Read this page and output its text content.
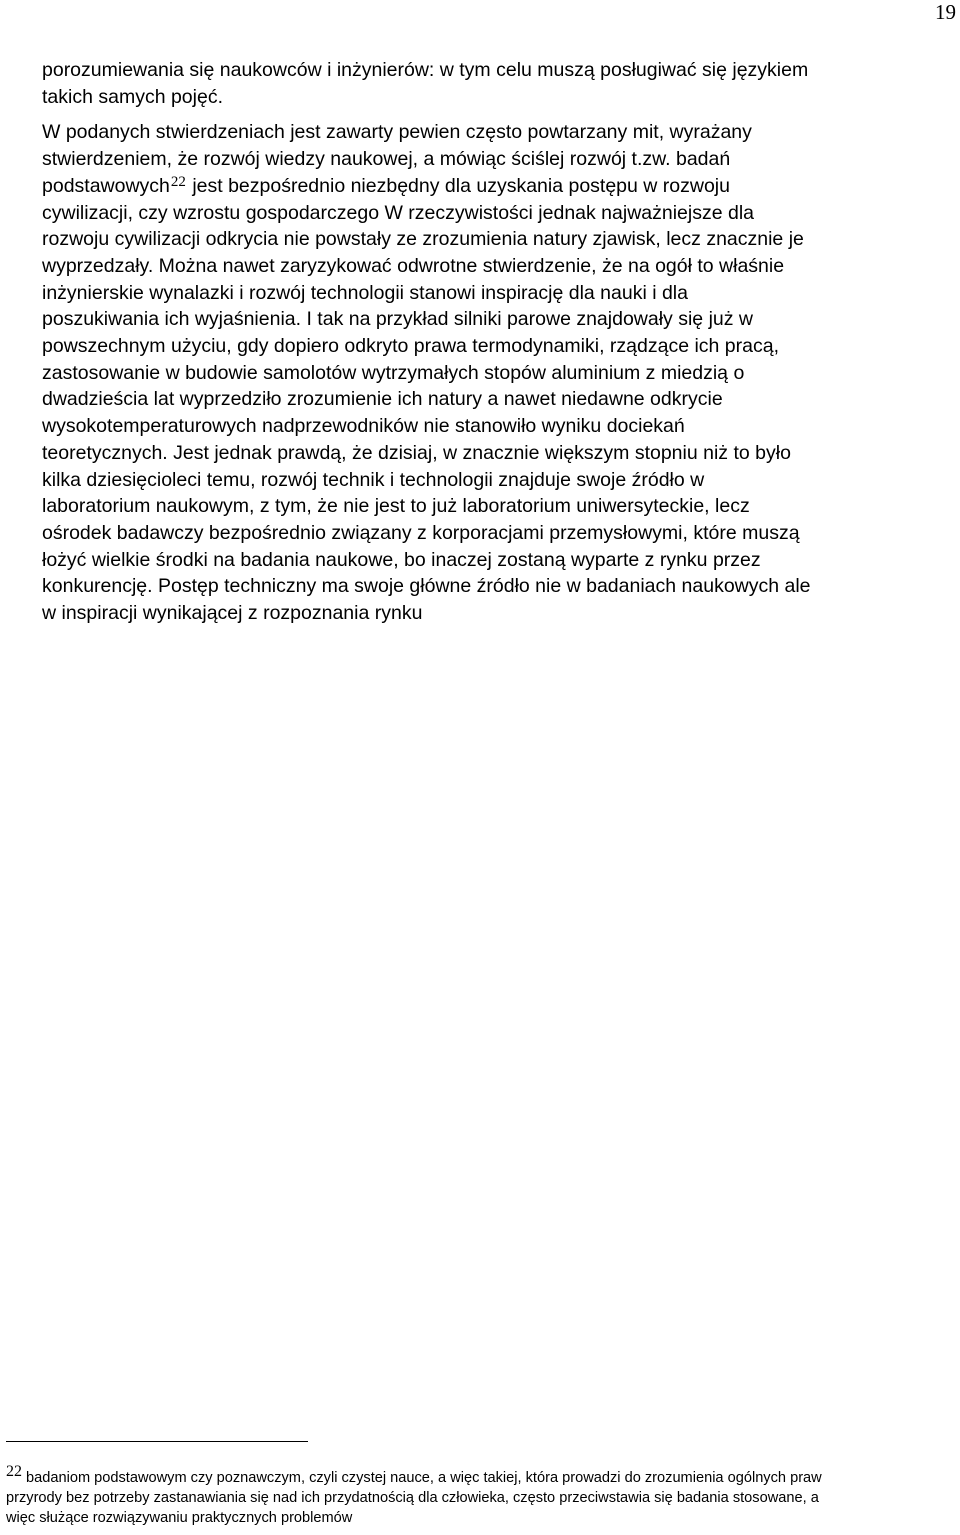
19
porozumiewania się naukowców i inżynierów: w tym celu muszą posługiwać się językiem
takich samych pojęć.
W podanych stwierdzeniach jest zawarty pewien często powtarzany mit, wyrażany
stwierdzeniem, że rozwój wiedzy naukowej, a mówiąc ściślej rozwój t.zw. badań
podstawowych$^{22}$ jest bezpośrednio niezbędny dla uzyskania postępu w rozwoju
cywilizacji, czy wzrostu gospodarczego W rzeczywistości jednak najważniejsze dla
rozwoju cywilizacji odkrycia nie powstały ze zrozumienia natury zjawisk, lecz znacznie je
wyprzedzały. Można nawet zaryzykować odwrotne stwierdzenie, że na ogół to właśnie
inżynierskie wynalazki i rozwój technologii stanowi inspirację dla nauki i dla
poszukiwania ich wyjaśnienia. I tak na przykład silniki parowe znajdowały się już w
powszechnym użyciu, gdy dopiero odkryto prawa termodynamiki, rządzące ich pracą,
zastosowanie w budowie samolotów wytrzymałych stopów aluminium z miedzią o
dwadzieścia lat wyprzedziło zrozumienie ich natury a nawet niedawne odkrycie
wysokotemperaturowych nadprzewodników nie stanowiło wyniku dociekań
teoretycznych. Jest jednak prawdą, że dzisiaj, w znacznie większym stopniu niż to było
kilka dziesięcioleci temu, rozwój technik i technologii znajduje swoje źródło w
laboratorium naukowym, z tym, że nie jest to już laboratorium uniwersyteckie, lecz
ośrodek badawczy bezpośrednio związany z korporacjami przemysłowymi, które muszą
łożyć wielkie środki na badania naukowe, bo inaczej zostaną wyparte z rynku przez
konkurencję. Postęp techniczny ma swoje główne źródło nie w badaniach naukowych ale
w inspiracji wynikającej z rozpoznania rynku
$^{22}$ badaniom podstawowym czy poznawczym, czyli czystej nauce, a więc takiej, która prowadzi do zrozumienia ogólnych praw
przyrody bez potrzeby zastanawiania się nad ich przydatnością dla człowieka, często przeciwstawia się badania stosowane, a
więc służące rozwiązywaniu praktycznych problemów
